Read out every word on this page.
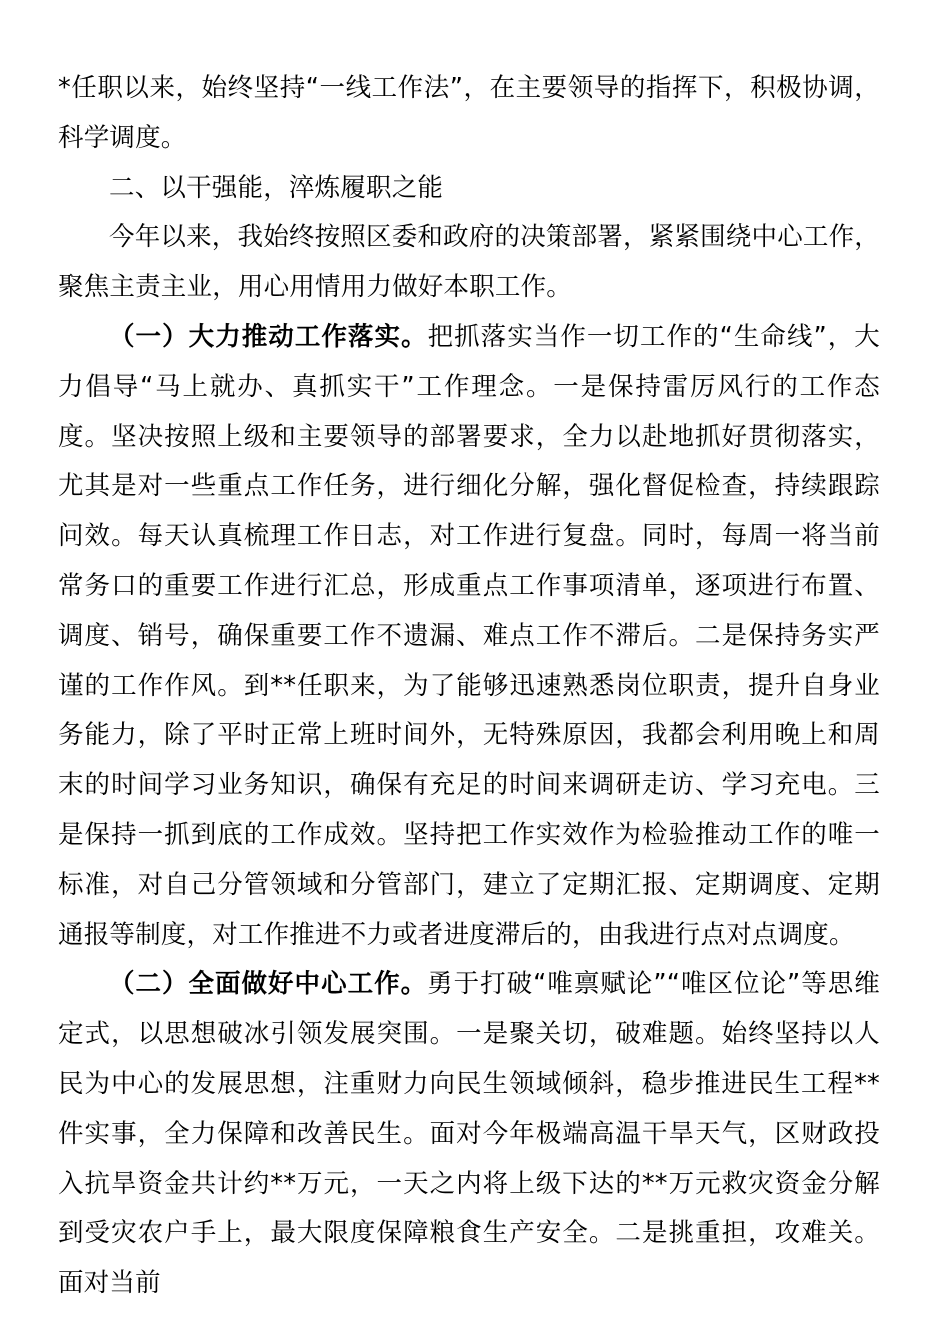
*任职以来，始终坚持“一线工作法”，在主要领导的指挥下，积极协调，科学调度。

二、以干强能，淬炼履职之能

今年以来，我始终按照区委和政府的决策部署，紧紧围绕中心工作，聚焦主责主业，用心用情用力做好本职工作。

（一）大力推动工作落实。把抓落实当作一切工作的“生命线”，大力倡导“马上就办、真抓实干”工作理念。一是保持雷厉风行的工作态度。坚决按照上级和主要领导的部署要求，全力以赴地抓好贯彻落实，尤其是对一些重点工作任务，进行细化分解，强化督促检查，持续跟踪问效。每天认真梳理工作日志，对工作进行复盘。同时，每周一将当前常务口的重要工作进行汇总，形成重点工作事项清单，逐项进行布置、调度、销号，确保重要工作不遗漏、难点工作不滞后。二是保持务实严谨的工作作风。到**任职来，为了能够迅速熟悉岗位职责，提升自身业务能力，除了平时正常上班时间外，无特殊原因，我都会利用晚上和周末的时间学习业务知识，确保有充足的时间来调研走访、学习充电。三是保持一抓到底的工作成效。坚持把工作实效作为检验推动工作的唯一标准，对自己分管领域和分管部门，建立了定期汇报、定期调度、定期通报等制度，对工作推进不力或者进度滞后的，由我进行点对点调度。

（二）全面做好中心工作。勇于打破“唯禀赋论”“唯区位论”等思维定式，以思想破冰引领发展突围。一是聚关切，破难题。始终坚持以人民为中心的发展思想，注重财力向民生领域倾斜，稳步推进民生工程**件实事，全力保障和改善民生。面对今年极端高温干旱天气，区财政投入抗旱资金共计约**万元，一天之内将上级下达的**万元救灾资金分解到受灾农户手上，最大限度保障粮食生产安全。二是挑重担，攻难关。面对当前
